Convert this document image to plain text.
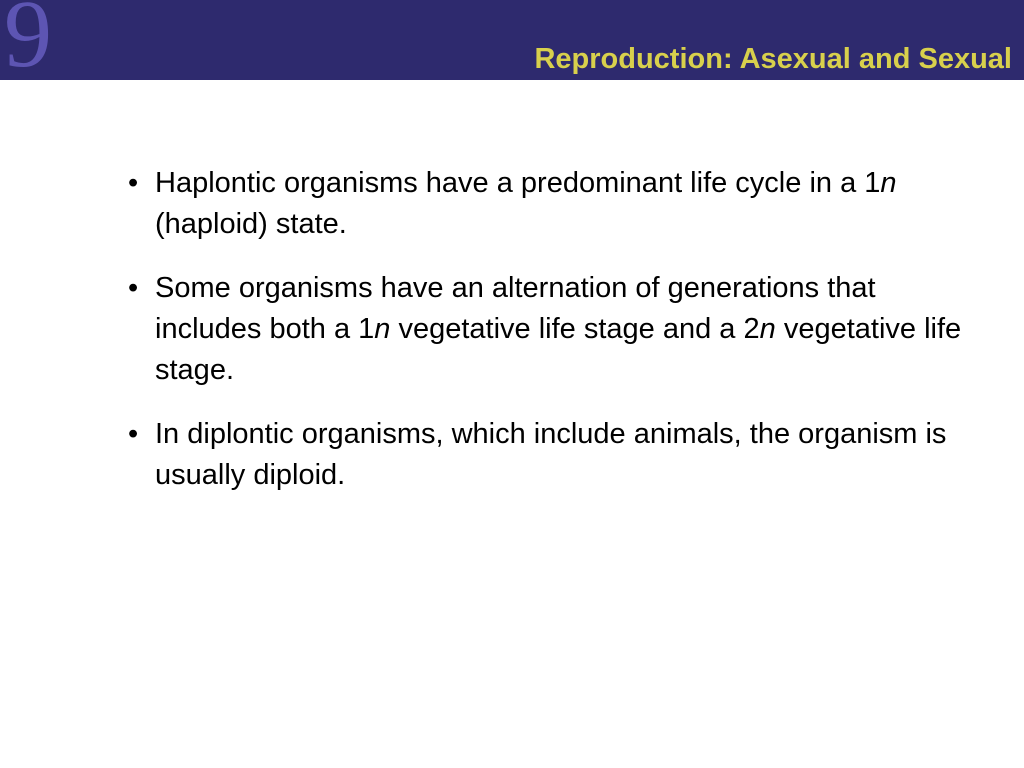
9	Reproduction: Asexual and Sexual
• Haplontic organisms have a predominant life cycle in a 1n (haploid) state.
• Some organisms have an alternation of generations that includes both a 1n vegetative life stage and a 2n vegetative life stage.
• In diplontic organisms, which include animals, the organism is usually diploid.
